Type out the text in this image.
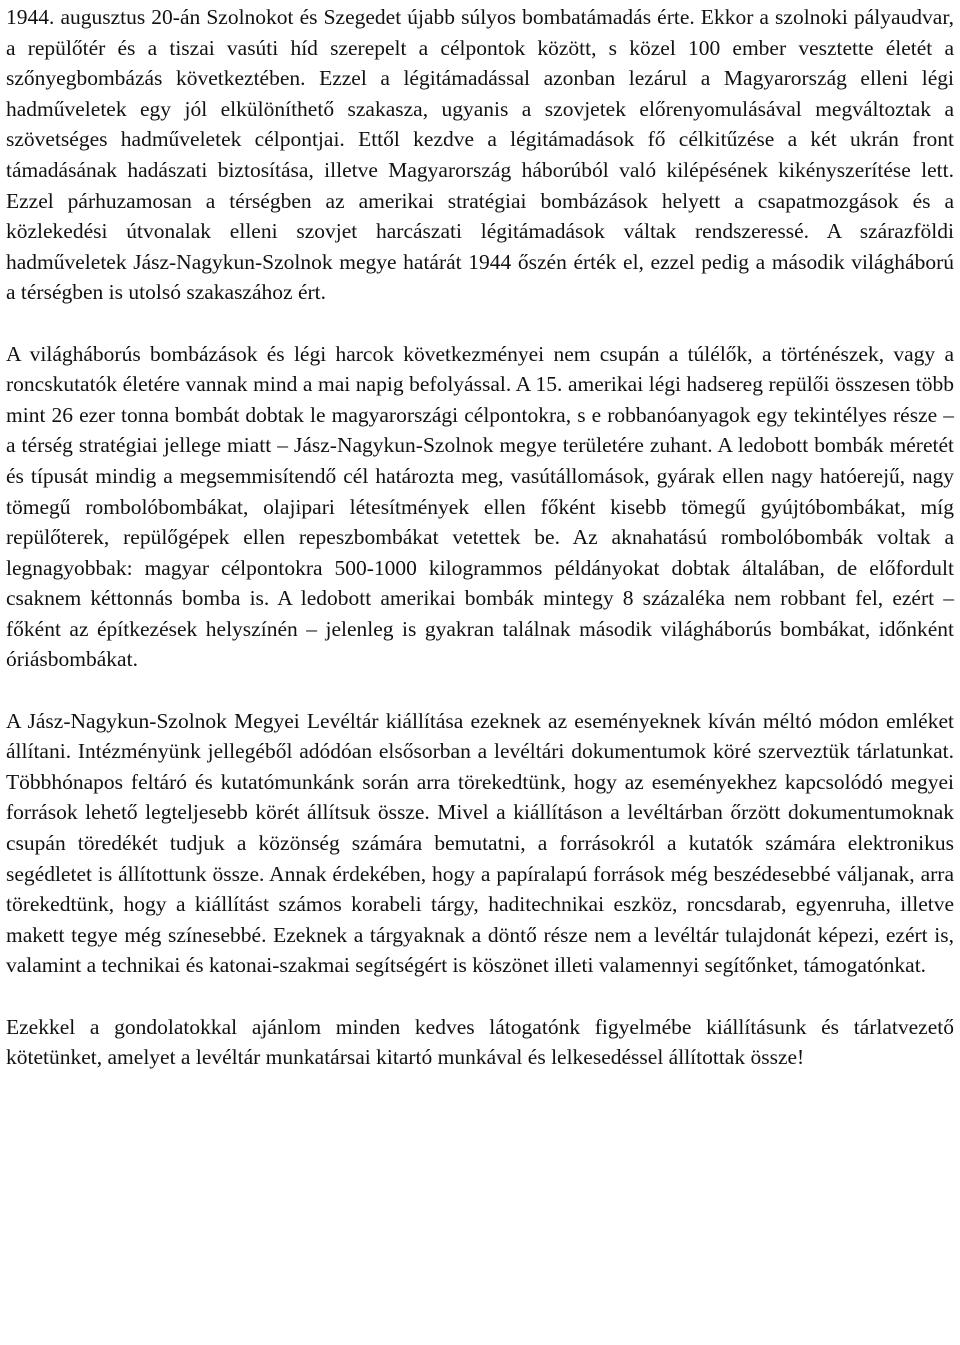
1944. augusztus 20-án Szolnokot és Szegedet újabb súlyos bombatámadás érte. Ekkor a szolnoki pályaudvar, a repülőtér és a tiszai vasúti híd szerepelt a célpontok között, s közel 100 ember vesztette életét a szőnyegbombázás következtében. Ezzel a légitámadással azonban lezárul a Magyarország elleni légi hadműveletek egy jól elkülöníthető szakasza, ugyanis a szovjetek előrenyomulásával megváltoztak a szövetséges hadműveletek célpontjai. Ettől kezdve a légitámadások fő célkitűzése a két ukrán front támadásának hadászati biztosítása, illetve Magyarország háborúból való kilépésének kikényszerítése lett. Ezzel párhuzamosan a térségben az amerikai stratégiai bombázások helyett a csapatmozgások és a közlekedési útvonalak elleni szovjet harcászati légitámadások váltak rendszeressé. A szárazföldi hadműveletek Jász-Nagykun-Szolnok megye határát 1944 őszén érték el, ezzel pedig a második világháború a térségben is utolsó szakaszához ért.

A világháborús bombázások és légi harcok következményei nem csupán a túlélők, a történészek, vagy a roncskutatók életére vannak mind a mai napig befolyással. A 15. amerikai légi hadsereg repülői összesen több mint 26 ezer tonna bombát dobtak le magyarországi célpontokra, s e robbanóanyagok egy tekintélyes része – a térség stratégiai jellege miatt – Jász-Nagykun-Szolnok megye területére zuhant. A ledobott bombák méretét és típusát mindig a megsemmisítendő cél határozta meg, vasútállomások, gyárak ellen nagy hatóerejű, nagy tömegű rombolóbombákat, olajipari létesítmények ellen főként kisebb tömegű gyújtóbombákat, míg repülőterek, repülőgépek ellen repeszbombákat vetettek be. Az aknahatású rombolóbombák voltak a legnagyobbak: magyar célpontokra 500-1000 kilogrammos példányokat dobtak általában, de előfordult csaknem kéttonnás bomba is. A ledobott amerikai bombák mintegy 8 százaléka nem robbant fel, ezért – főként az építkezések helyszínén – jelenleg is gyakran találnak második világháborús bombákat, időnként óriásbombákat.

A Jász-Nagykun-Szolnok Megyei Levéltár kiállítása ezeknek az eseményeknek kíván méltó módon emléket állítani. Intézményünk jellegéből adódóan elsősorban a levéltári dokumentumok köré szerveztük tárlatunkat. Többhónapos feltáró és kutatómunkánk során arra törekedtünk, hogy az eseményekhez kapcsolódó megyei források lehető legteljesebb körét állítsuk össze. Mivel a kiállításon a levéltárban őrzött dokumentumoknak csupán töredékét tudjuk a közönség számára bemutatni, a forrásokról a kutatók számára elektronikus segédletet is állítottunk össze. Annak érdekében, hogy a papíralapú források még beszédesebbé váljanak, arra törekedtünk, hogy a kiállítást számos korabeli tárgy, haditechnikai eszköz, roncsdarab, egyenruha, illetve makett tegye még színesebbé. Ezeknek a tárgyaknak a döntő része nem a levéltár tulajdonát képezi, ezért is, valamint a technikai és katonai-szakmai segítségért is köszönet illeti valamennyi segítőnket, támogatónkat.

Ezekkel a gondolatokkal ajánlom minden kedves látogatónk figyelmébe kiállításunk és tárlatvezető kötetünket, amelyet a levéltár munkatársai kitartó munkával és lelkesedéssel állítottak össze!
